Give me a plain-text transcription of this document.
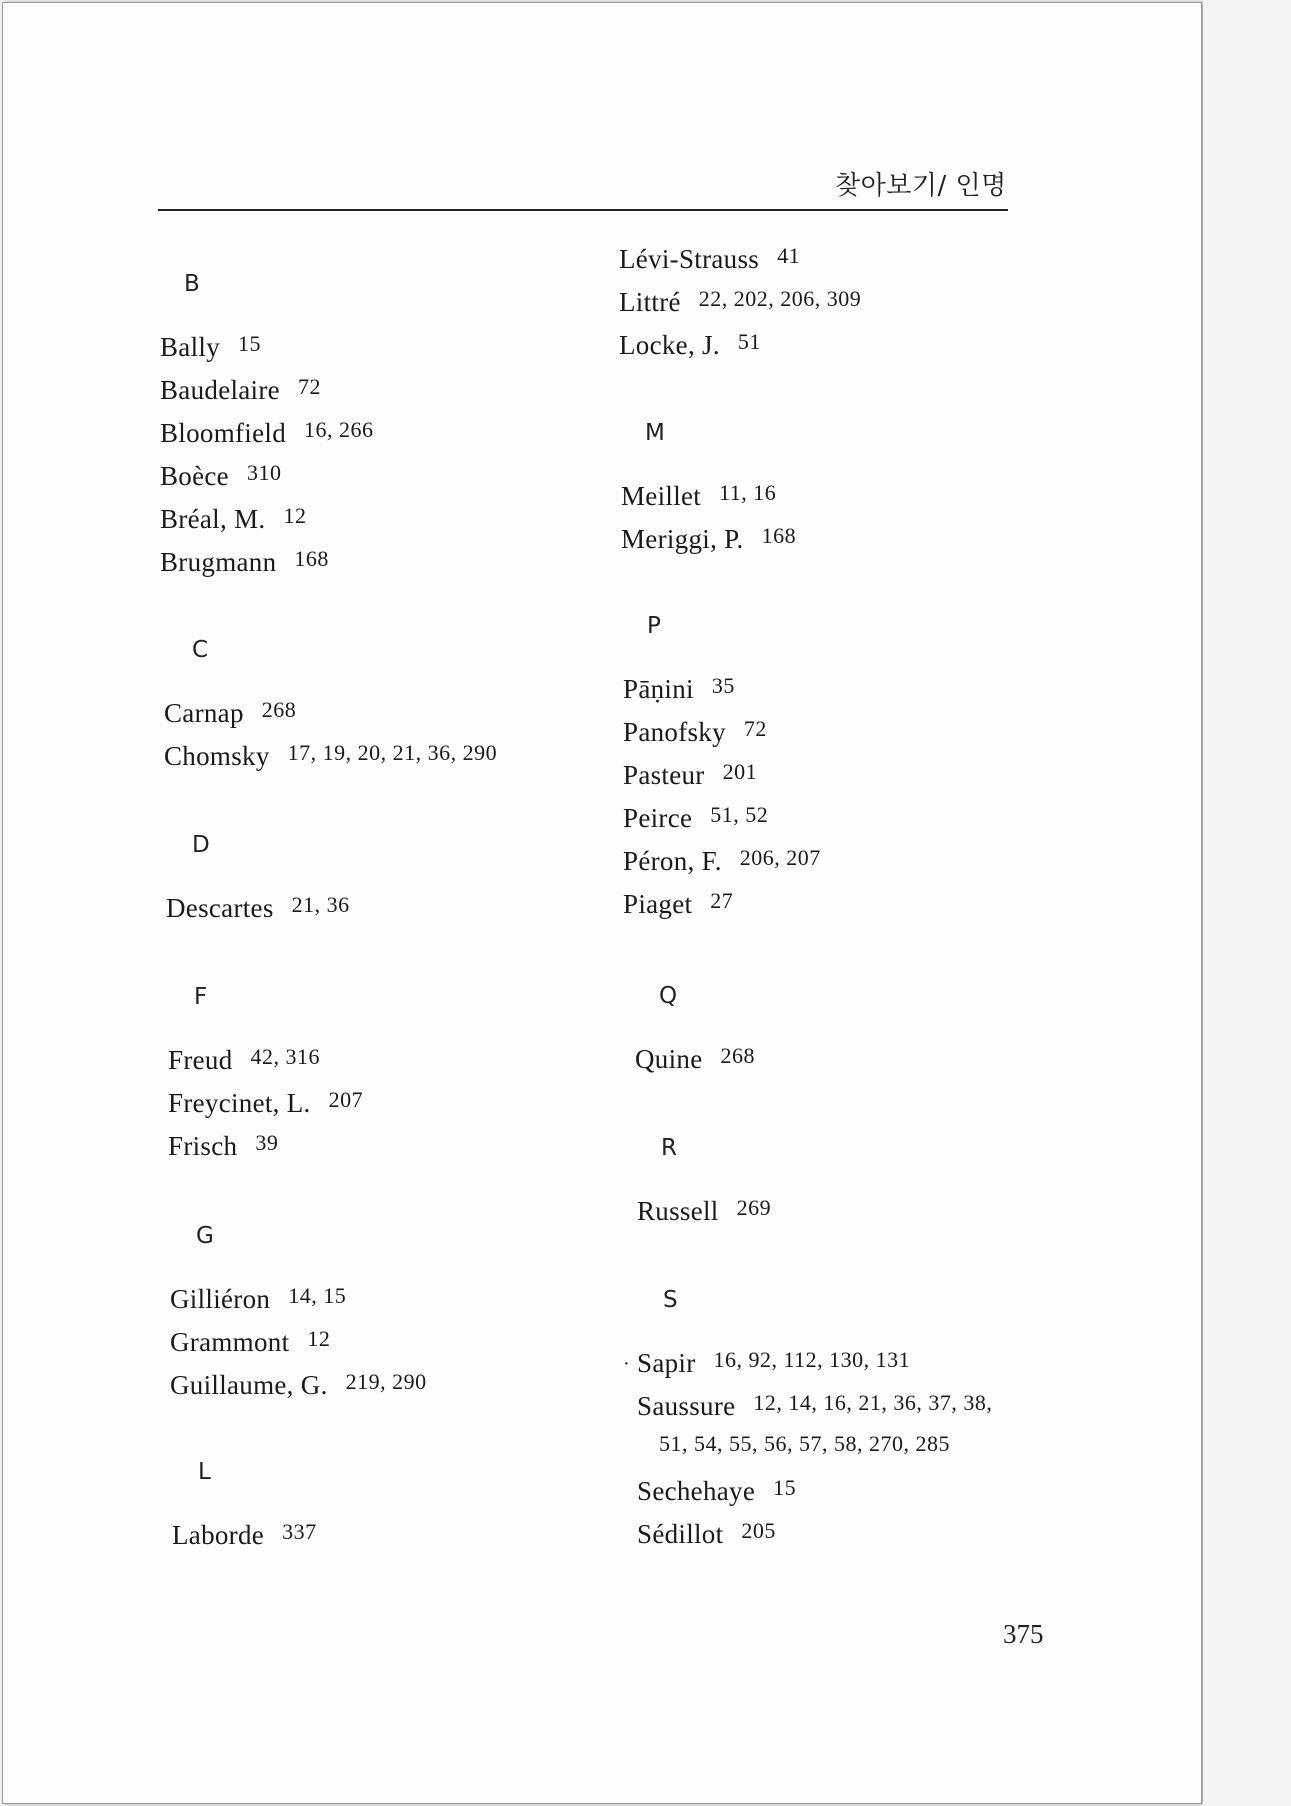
찾아보기/ 인명
B
Bally 15
Baudelaire 72
Bloomfield 16, 266
Boèce 310
Bréal, M. 12
Brugmann 168
C
Carnap 268
Chomsky 17, 19, 20, 21, 36, 290
D
Descartes 21, 36
F
Freud 42, 316
Freycinet, L. 207
Frisch 39
G
Gilliéron 14, 15
Grammont 12
Guillaume, G. 219, 290
L
Laborde 337
Lévi-Strauss 41
Littré 22, 202, 206, 309
Locke, J. 51
M
Meillet 11, 16
Meriggi, P. 168
P
Pāṇini 35
Panofsky 72
Pasteur 201
Peirce 51, 52
Péron, F. 206, 207
Piaget 27
Q
Quine 268
R
Russell 269
S
· Sapir 16, 92, 112, 130, 131
Saussure 12, 14, 16, 21, 36, 37, 38,
51, 54, 55, 56, 57, 58, 270, 285
Sechehaye 15
Sédillot 205
375
